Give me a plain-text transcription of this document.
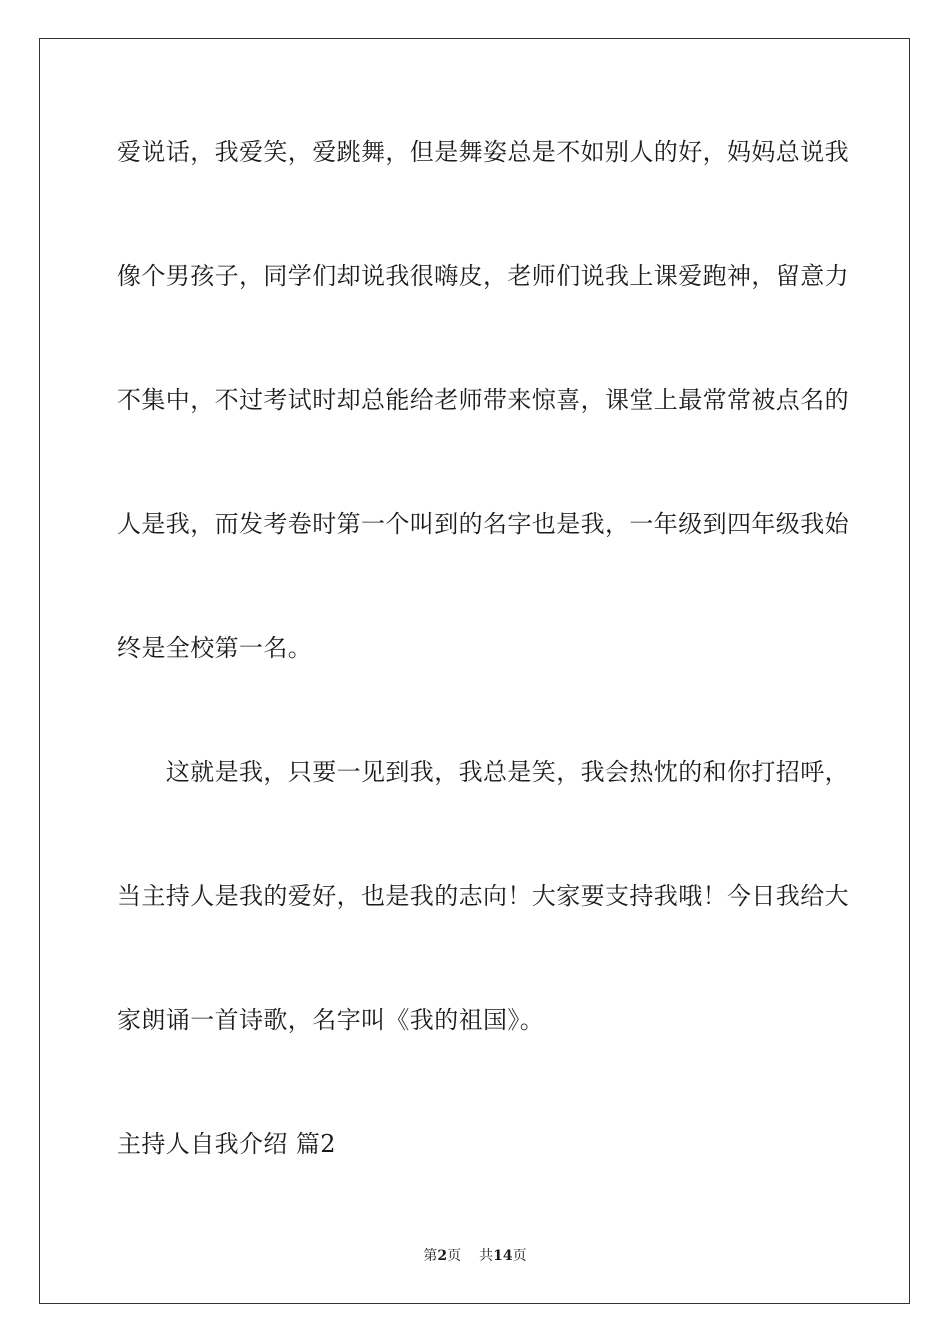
爱说话，我爱笑，爱跳舞，但是舞姿总是不如别人的好，妈妈总说我
像个男孩子，同学们却说我很嗨皮，老师们说我上课爱跑神，留意力
不集中，不过考试时却总能给老师带来惊喜，课堂上最常常被点名的
人是我，而发考卷时第一个叫到的名字也是我，一年级到四年级我始
终是全校第一名。
　　这就是我，只要一见到我，我总是笑，我会热忱的和你打招呼，
当主持人是我的爱好，也是我的志向！大家要支持我哦！今日我给大
家朗诵一首诗歌，名字叫《我的祖国》。
主持人自我介绍 篇2
第2页 共14页
